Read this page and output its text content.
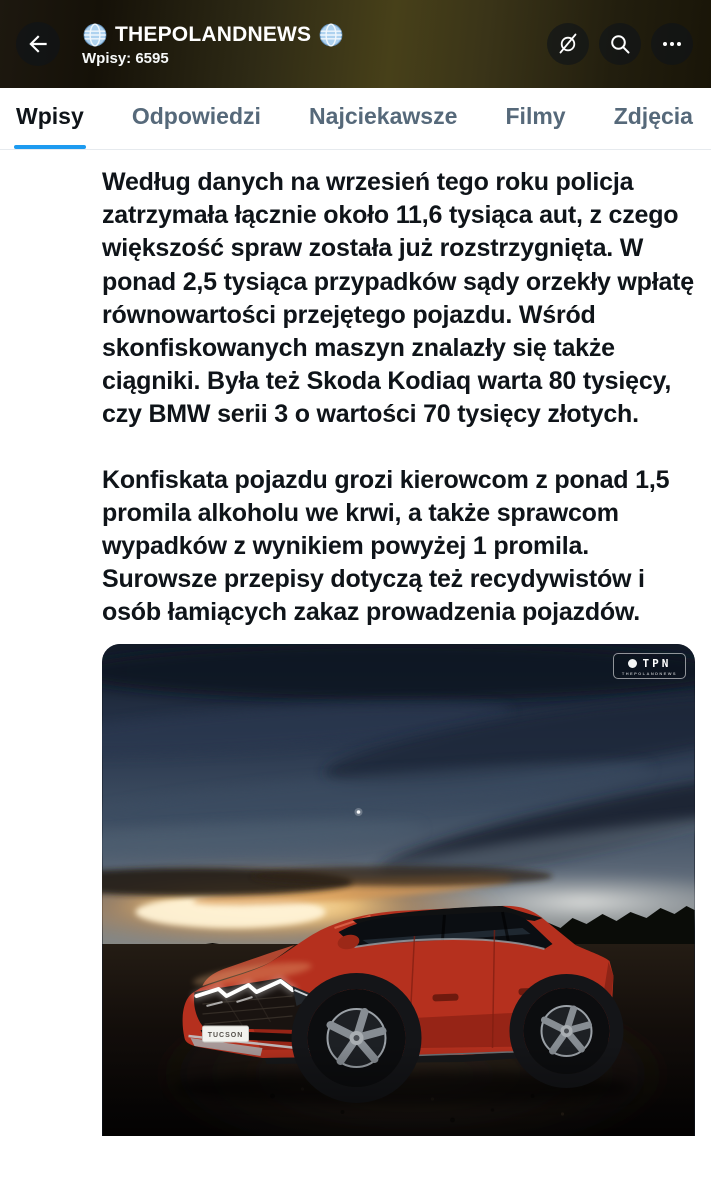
THEPOLANDNEWS
Wpisy: 6595
Wpisy Odpowiedzi Najciekawsze Filmy Zdjęcia

Według danych na wrzesień tego roku policja zatrzymała łącznie około 11,6 tysiąca aut, z czego większość spraw została już rozstrzygnięta. W ponad 2,5 tysiąca przypadków sądy orzekły wpłatę równowartości przejętego pojazdu. Wśród skonfiskowanych maszyn znalazły się także ciągniki. Była też Skoda Kodiaq warta 80 tysięcy, czy BMW serii 3 o wartości 70 tysięcy złotych.

Konfiskata pojazdu grozi kierowcom z ponad 1,5 promila alkoholu we krwi, a także sprawcom wypadków z wynikiem powyżej 1 promila. Surowsze przepisy dotyczą też recydywistów i osób łamiących zakaz prowadzenia pojazdów.

TUCSON
TPN
THEPOLANDNEWS
